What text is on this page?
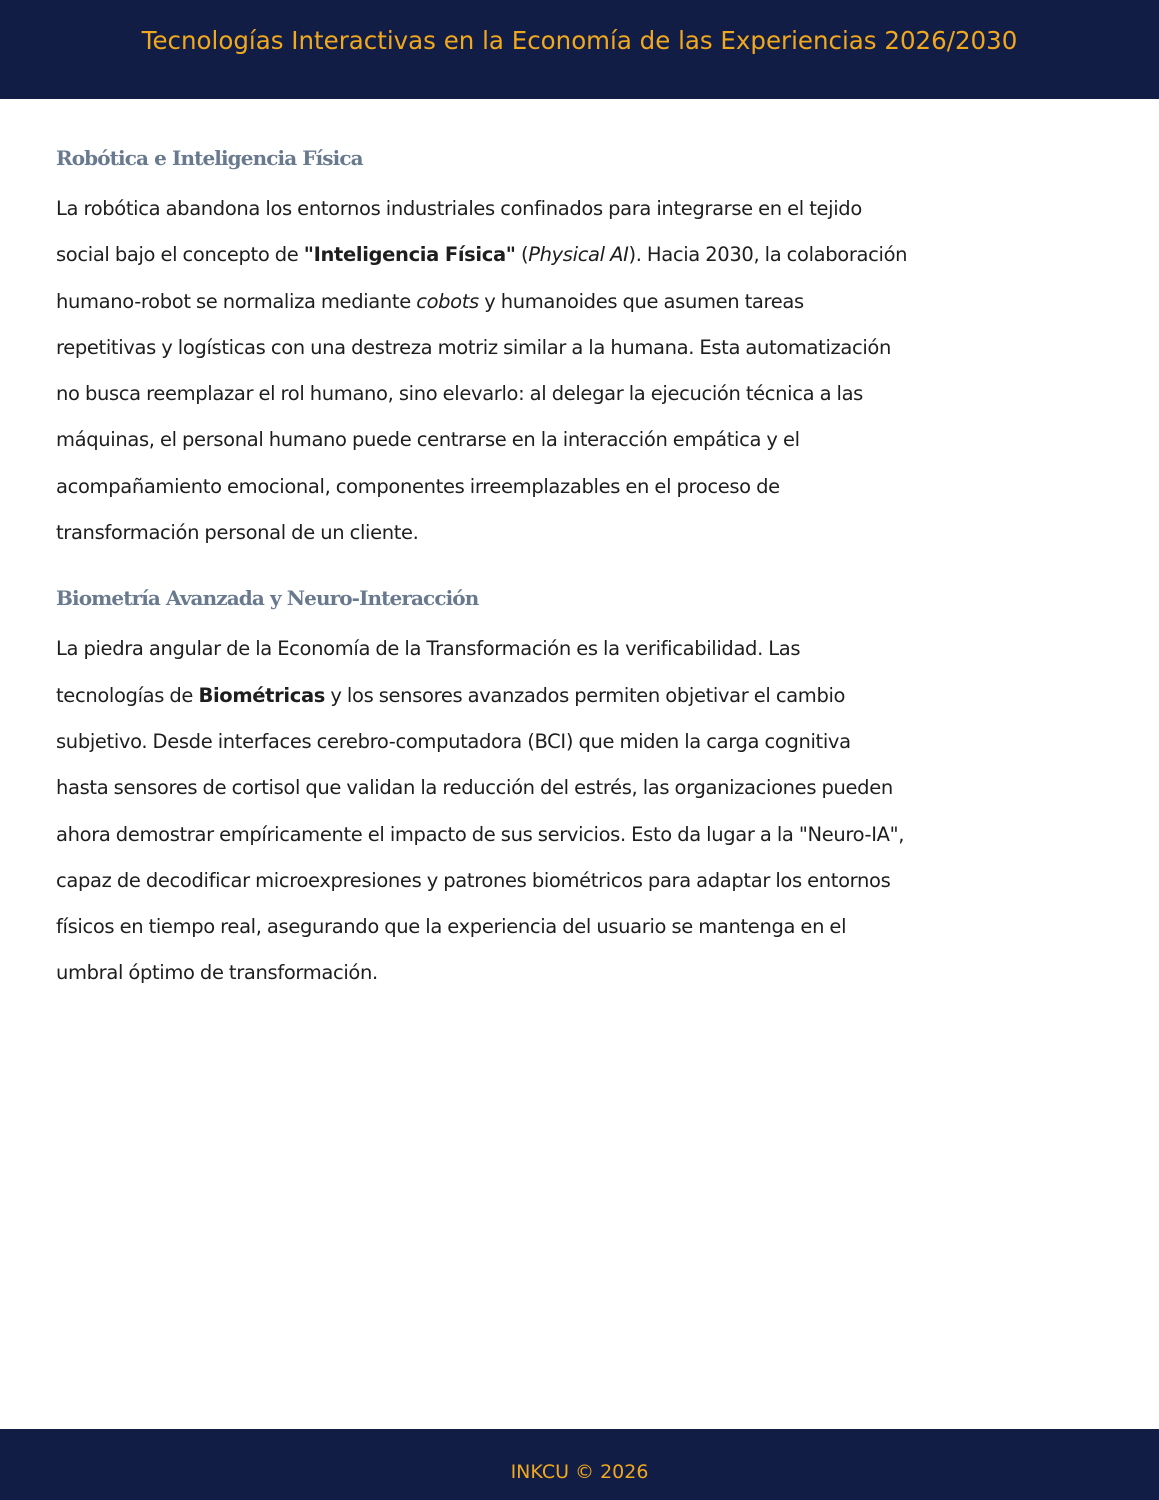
Tecnologías Interactivas en la Economía de las Experiencias 2026/2030
Robótica e Inteligencia Física
La robótica abandona los entornos industriales confinados para integrarse en el tejido
social bajo el concepto de "Inteligencia Física" (Physical AI). Hacia 2030, la colaboración
humano-robot se normaliza mediante cobots y humanoides que asumen tareas
repetitivas y logísticas con una destreza motriz similar a la humana. Esta automatización
no busca reemplazar el rol humano, sino elevarlo: al delegar la ejecución técnica a las
máquinas, el personal humano puede centrarse en la interacción empática y el
acompañamiento emocional, componentes irreemplazables en el proceso de
transformación personal de un cliente.
Biometría Avanzada y Neuro-Interacción
La piedra angular de la Economía de la Transformación es la verificabilidad. Las
tecnologías de Biométricas y los sensores avanzados permiten objetivar el cambio
subjetivo. Desde interfaces cerebro-computadora (BCI) que miden la carga cognitiva
hasta sensores de cortisol que validan la reducción del estrés, las organizaciones pueden
ahora demostrar empíricamente el impacto de sus servicios. Esto da lugar a la "Neuro-IA",
capaz de decodificar microexpresiones y patrones biométricos para adaptar los entornos
físicos en tiempo real, asegurando que la experiencia del usuario se mantenga en el
umbral óptimo de transformación.
INKCU © 2026
